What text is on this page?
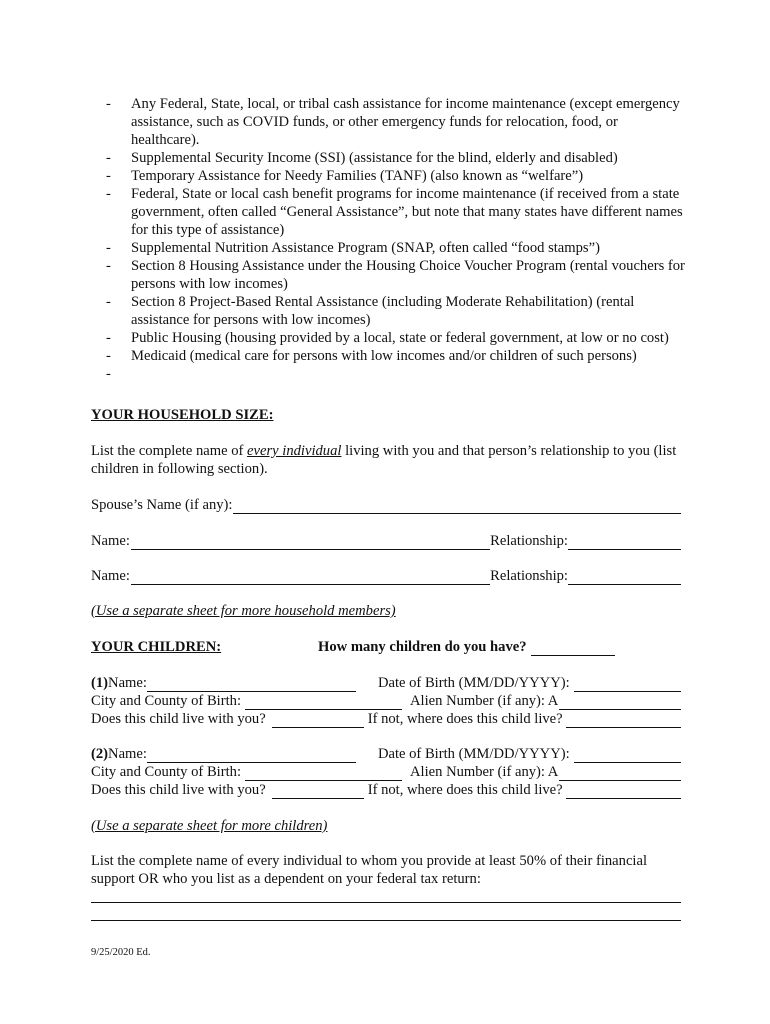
- Any Federal, State, local, or tribal cash assistance for income maintenance (except emergency assistance, such as COVID funds, or other emergency funds for relocation, food, or healthcare).
- Supplemental Security Income (SSI) (assistance for the blind, elderly and disabled)
- Temporary Assistance for Needy Families (TANF) (also known as “welfare”)
- Federal, State or local cash benefit programs for income maintenance (if received from a state government, often called “General Assistance”, but note that many states have different names for this type of assistance)
- Supplemental Nutrition Assistance Program (SNAP, often called “food stamps”)
- Section 8 Housing Assistance under the Housing Choice Voucher Program (rental vouchers for persons with low incomes)
- Section 8 Project-Based Rental Assistance (including Moderate Rehabilitation) (rental assistance for persons with low incomes)
- Public Housing (housing provided by a local, state or federal government, at low or no cost)
- Medicaid (medical care for persons with low incomes and/or children of such persons)
-
YOUR HOUSEHOLD SIZE:
List the complete name of every individual living with you and that person’s relationship to you (list children in following section).
Spouse’s Name (if any):
Name:	Relationship:
Name:	Relationship:
(Use a separate sheet for more household members)
YOUR CHILDREN:	How many children do you have?
(1) Name:	Date of Birth (MM/DD/YYYY):
City and County of Birth:	Alien Number (if any): A
Does this child live with you?	If not, where does this child live?
(2) Name:	Date of Birth (MM/DD/YYYY):
City and County of Birth:	Alien Number (if any): A
Does this child live with you?	If not, where does this child live?
(Use a separate sheet for more children)
List the complete name of every individual to whom you provide at least 50% of their financial support OR who you list as a dependent on your federal tax return:
9/25/2020 Ed.
